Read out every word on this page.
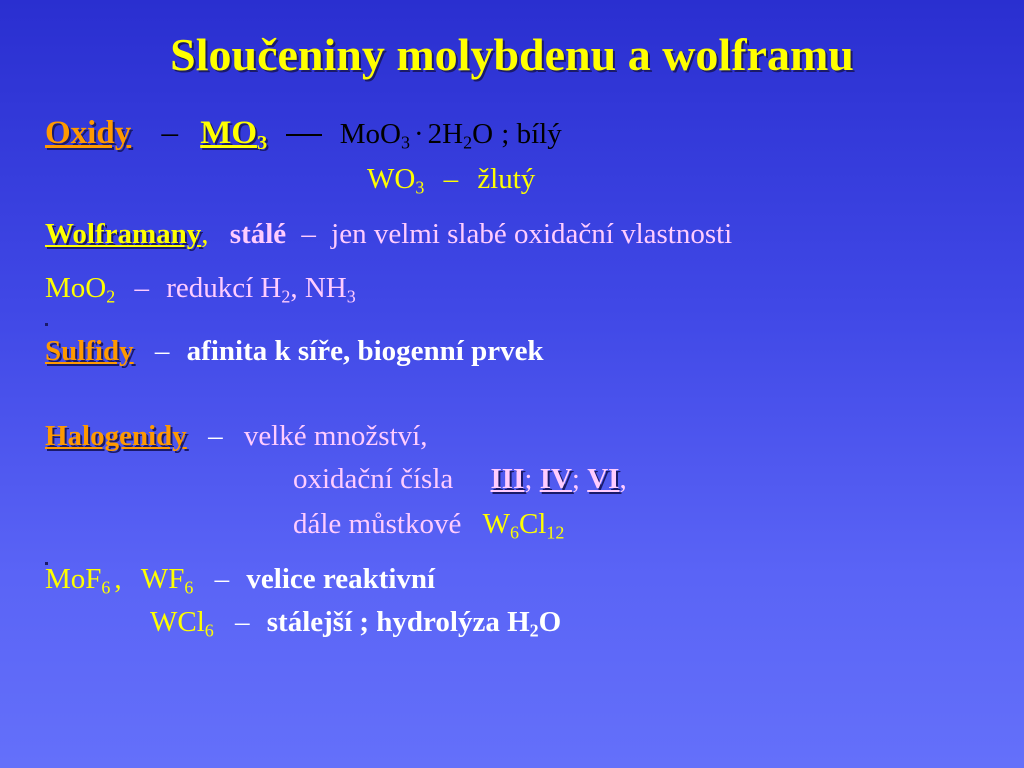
Sloučeniny molybdenu a wolframu
Oxidy – $MO_3$	$MoO_3 \cdot 2H_2O$ ; bílý
$WO_3$ – žlutý
Wolframany, stálé – jen velmi slabé oxidační vlastnosti
MoO$_2$ – redukcí $H_2$, $NH_3$
Sulfidy – afinita k síře, biogenní prvek
Halogenidy – velké množství,
oxidační čísla III; IV; VI,
dále můstkové $W_6Cl_{12}$
MoF$_6$ , $WF_6$ – velice reaktivní
WCl$_6$ – stálejší ; hydrolýza $H_2O$
